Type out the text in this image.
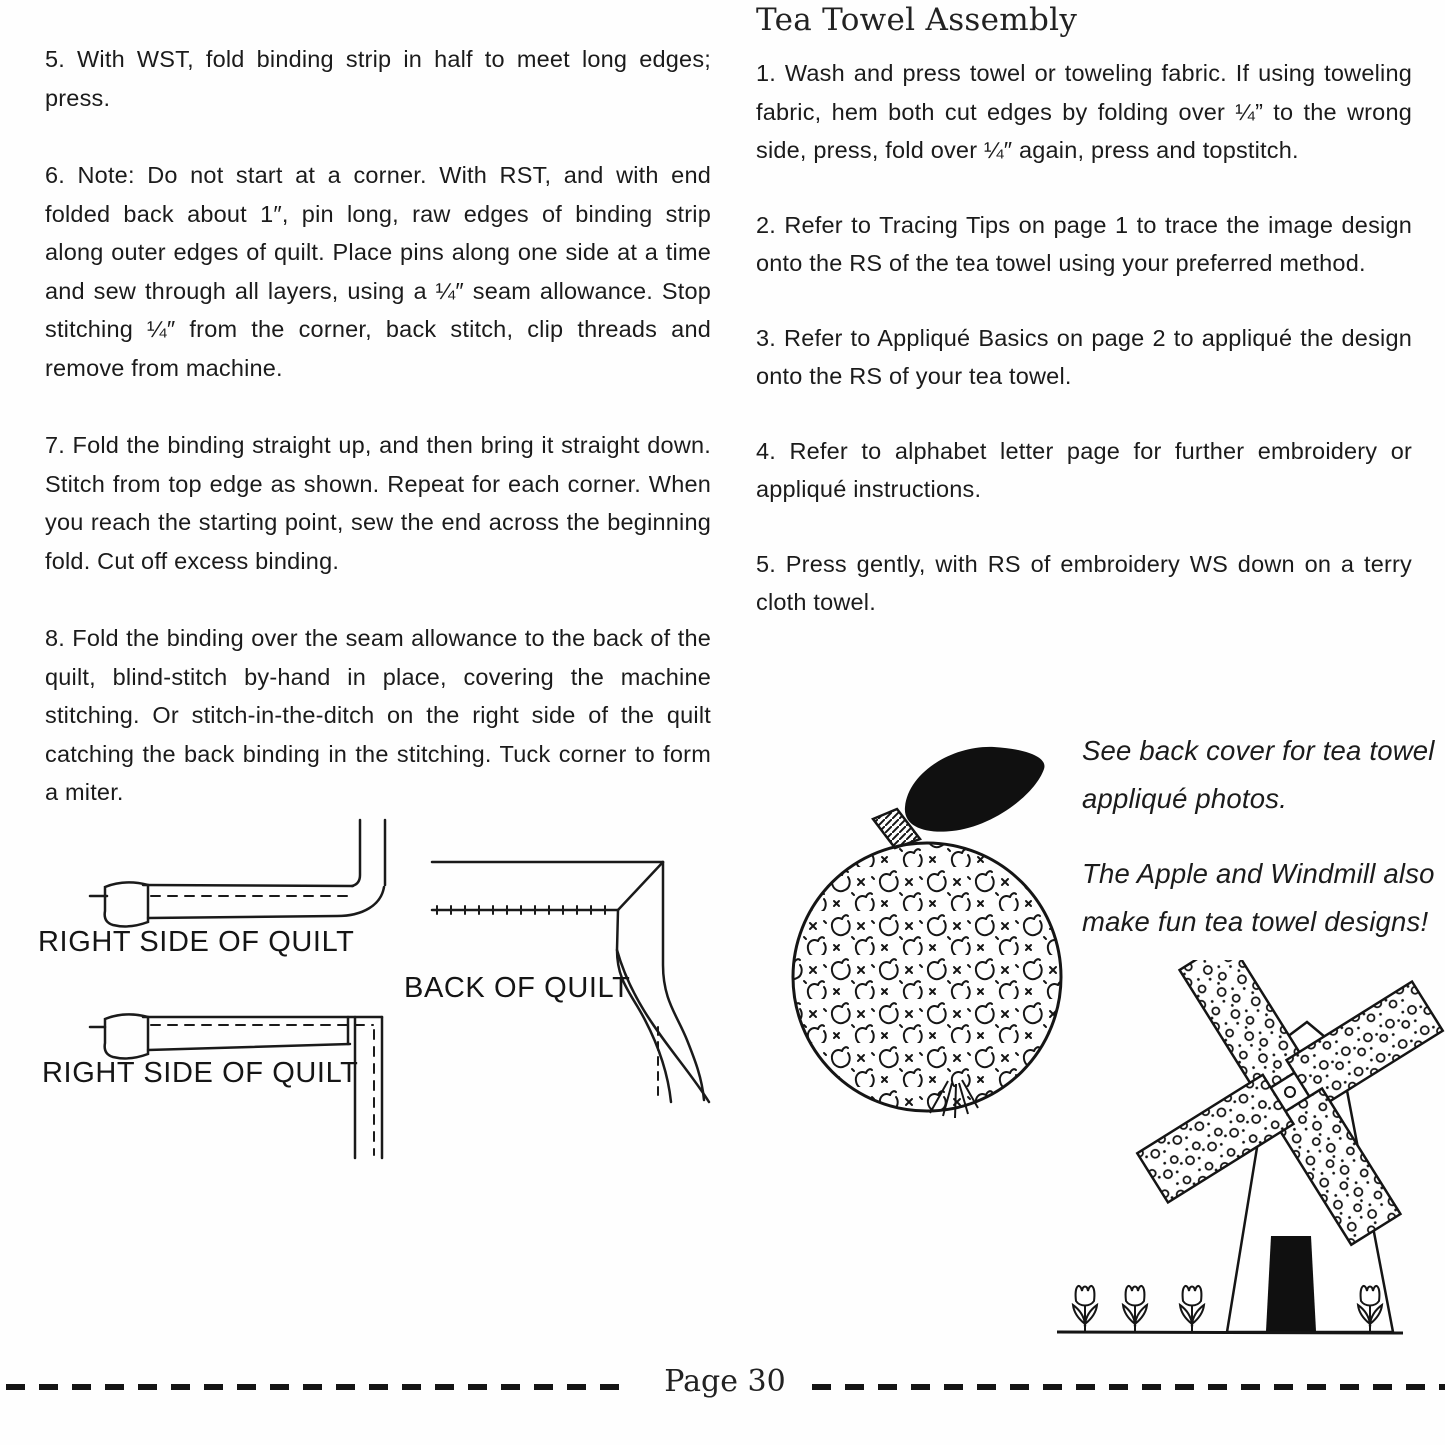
5. With WST, fold binding strip in half to meet long edges; press.

6. Note: Do not start at a corner. With RST, and with end folded back about 1″, pin long, raw edges of binding strip along outer edges of quilt. Place pins along one side at a time and sew through all layers, using a ¼″ seam allowance. Stop stitching ¼″ from the corner, back stitch, clip threads and remove from machine.

7. Fold the binding straight up, and then bring it straight down. Stitch from top edge as shown. Repeat for each corner. When you reach the starting point, sew the end across the beginning fold. Cut off excess binding.

8. Fold the binding over the seam allowance to the back of the quilt, blind-stitch by-hand in place, covering the machine stitching. Or stitch-in-the-ditch on the right side of the quilt catching the back binding in the stitching. Tuck corner to form a miter.

Tea Towel Assembly

1. Wash and press towel or toweling fabric. If using toweling fabric, hem both cut edges by folding over ¼” to the wrong side, press, fold over ¼″ again, press and topstitch.

2. Refer to Tracing Tips on page 1 to trace the image design onto the RS of the tea towel using your preferred method.

3. Refer to Appliqué Basics on page 2 to appliqué the design onto the RS of your tea towel.

4. Refer to alphabet letter page for further embroidery or appliqué instructions.

5. Press gently, with RS of embroidery WS down on a terry cloth towel.

RIGHT SIDE OF QUILT
BACK OF QUILT
RIGHT SIDE OF QUILT
See back cover for tea towel appliqué photos.
The Apple and Windmill also make fun tea towel designs!
Page 30
